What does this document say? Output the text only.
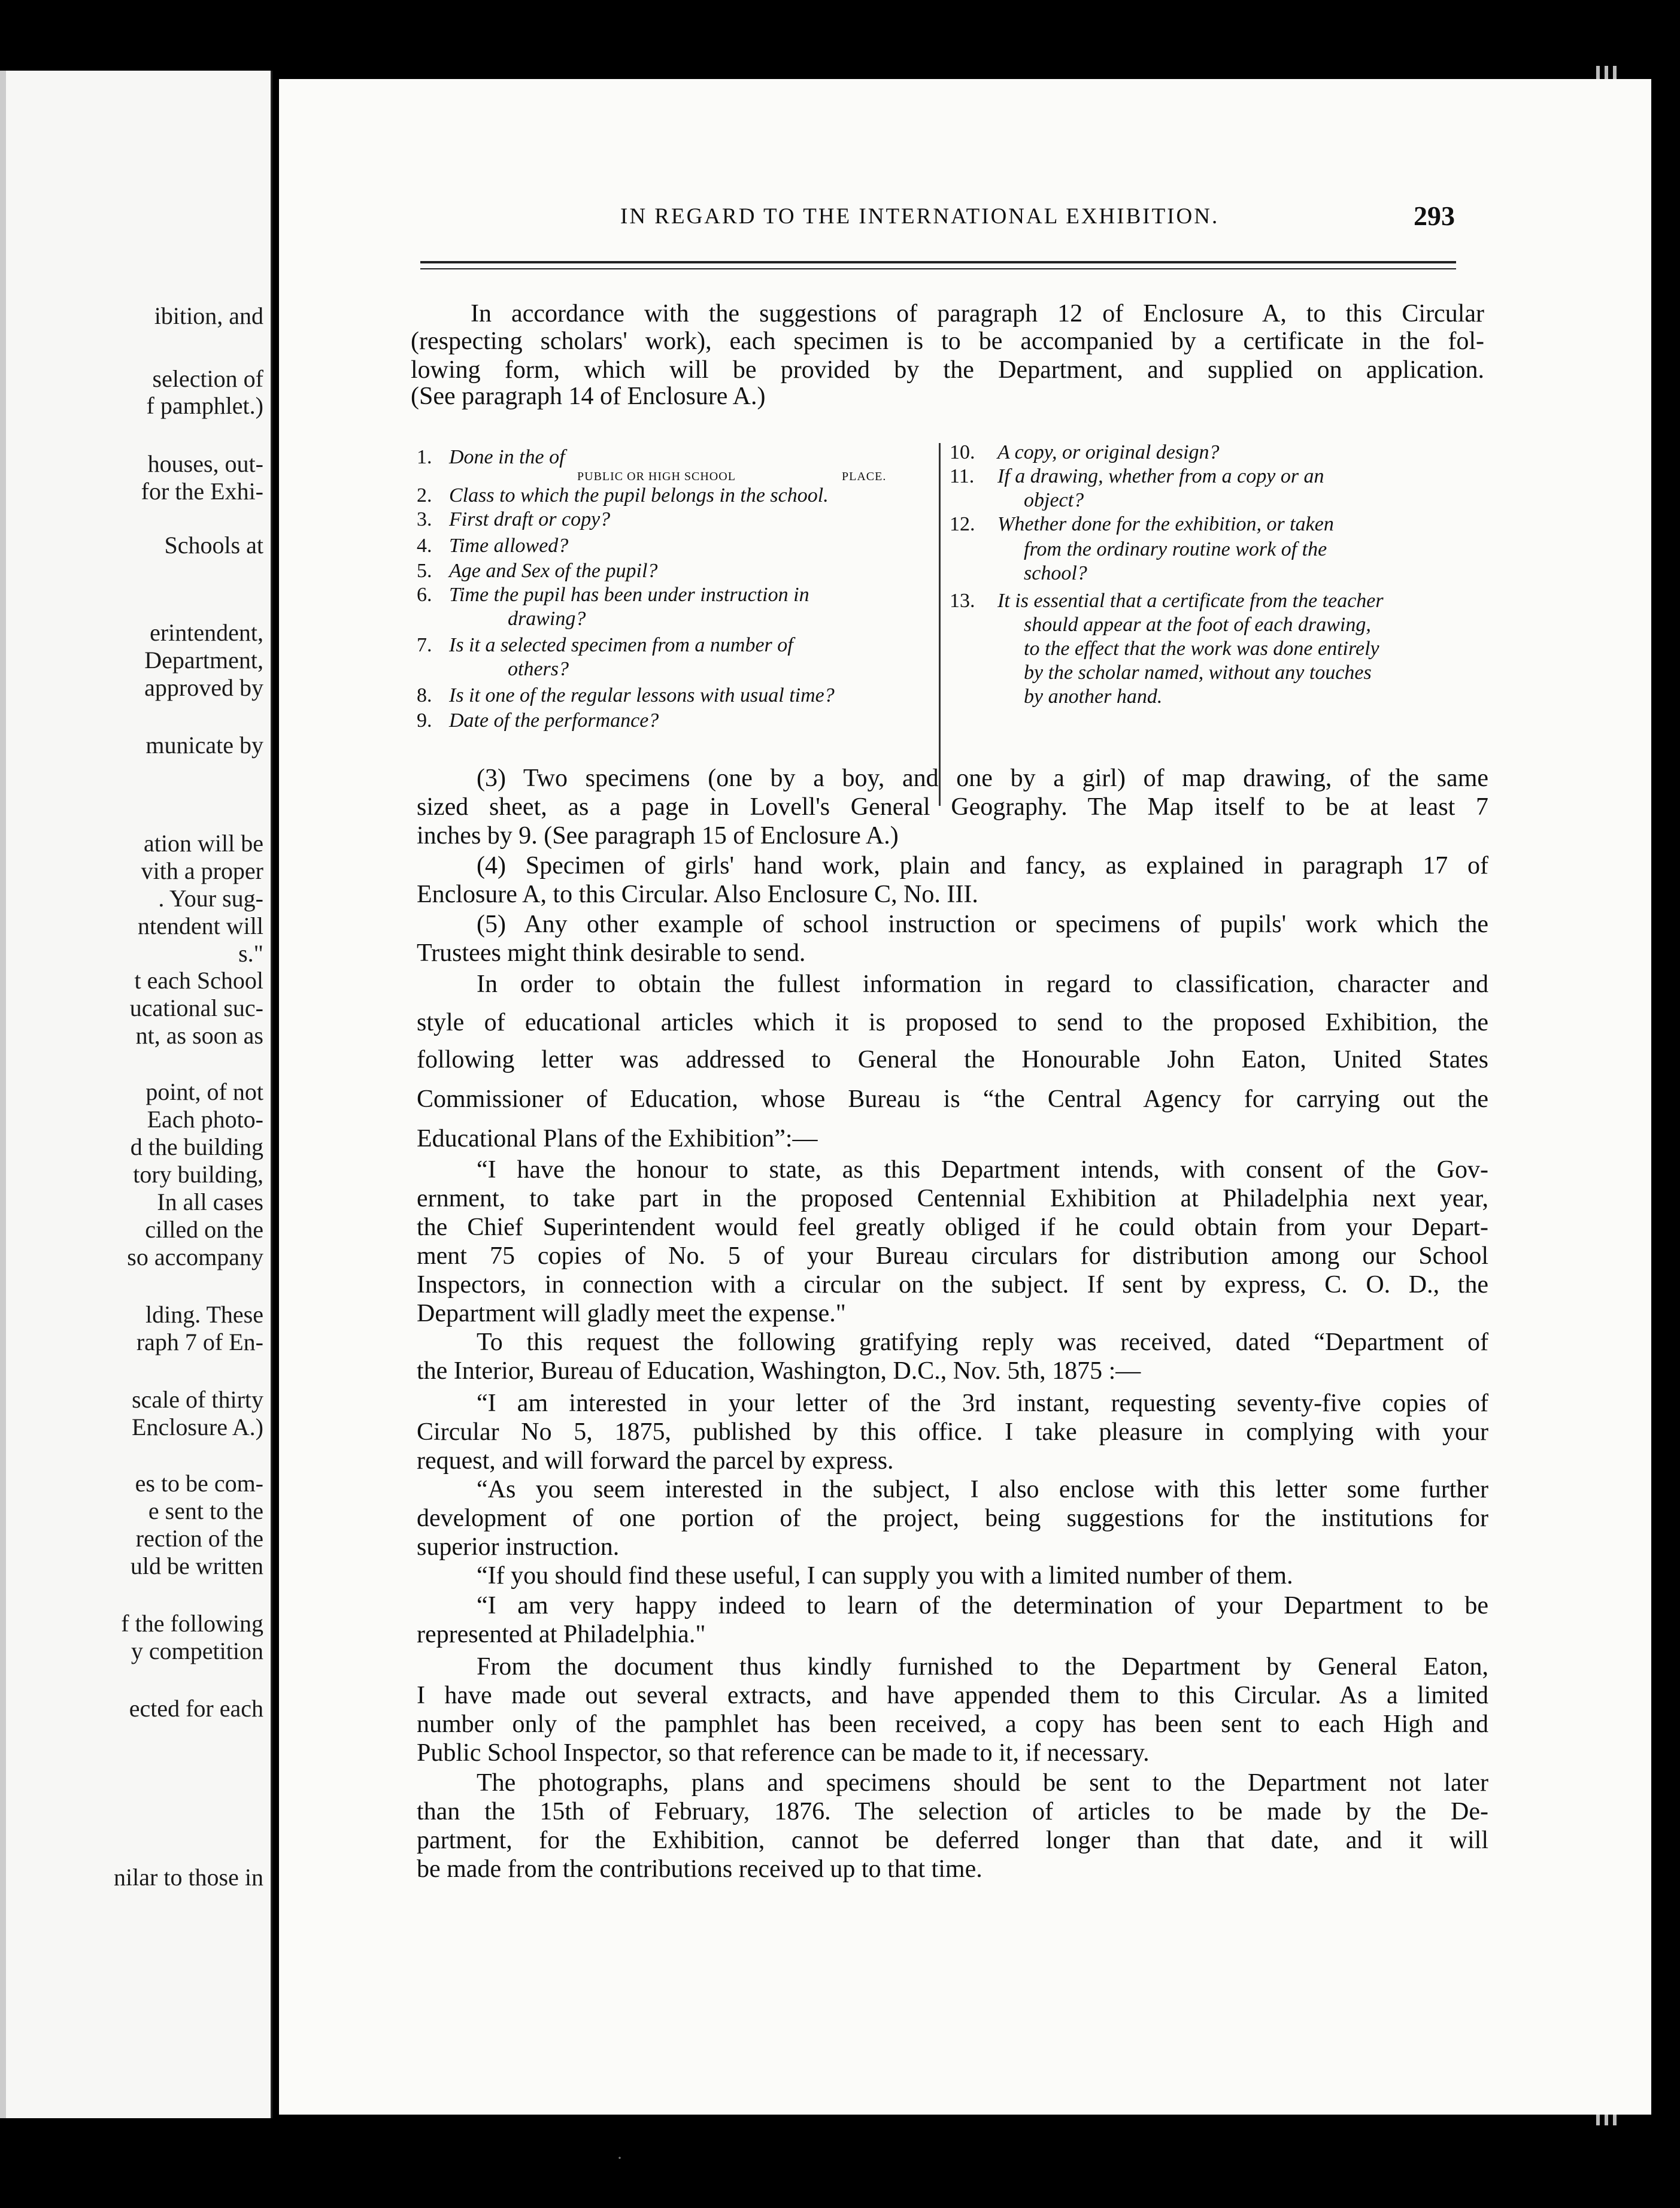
ibition, and
selection of
f pamphlet.)
houses, out-
for the Exhi-
Schools at
erintendent,
Department,
approved by
municate by
ation will be
vith a proper
. Your sug-
ntendent will
s."
t each School
ucational suc-
nt, as soon as
point, of not
Each photo-
d the building
tory building,
In all cases
cilled on the
so accompany
lding. These
raph 7 of En-
scale of thirty
Enclosure A.)
es to be com-
e sent to the
rection of the
uld be written
f the following
y competition
ected for each
nilar to those in
IN REGARD TO THE INTERNATIONAL EXHIBITION.	293
In accordance with the suggestions of paragraph 12 of Enclosure A, to this Circular
(respecting scholars' work), each specimen is to be accompanied by a certificate in the fol-
lowing form, which will be provided by the Department, and supplied on application.
(See paragraph 14 of Enclosure A.)
PUBLIC OR HIGH SCHOOL	PLACE.
1. Done in the of
2. Class to which the pupil belongs in the school.
3. First draft or copy?
4. Time allowed?
5. Age and Sex of the pupil?
6. Time the pupil has been under instruction in
drawing?
7. Is it a selected specimen from a number of
others?
8. Is it one of the regular lessons with usual time?
9. Date of the performance?
10. A copy, or original design?
11. If a drawing, whether from a copy or an
object?
12. Whether done for the exhibition, or taken
from the ordinary routine work of the
school?
13. It is essential that a certificate from the teacher
should appear at the foot of each drawing,
to the effect that the work was done entirely
by the scholar named, without any touches
by another hand.
(3) Two specimens (one by a boy, and one by a girl) of map drawing, of the same
sized sheet, as a page in Lovell's General Geography. The Map itself to be at least 7
inches by 9. (See paragraph 15 of Enclosure A.)
(4) Specimen of girls' hand work, plain and fancy, as explained in paragraph 17 of
Enclosure A, to this Circular. Also Enclosure C, No. III.
(5) Any other example of school instruction or specimens of pupils' work which the
Trustees might think desirable to send.
In order to obtain the fullest information in regard to classification, character and
style of educational articles which it is proposed to send to the proposed Exhibition, the
following letter was addressed to General the Honourable John Eaton, United States
Commissioner of Education, whose Bureau is “the Central Agency for carrying out the
Educational Plans of the Exhibition”:—
“I have the honour to state, as this Department intends, with consent of the Gov-
ernment, to take part in the proposed Centennial Exhibition at Philadelphia next year,
the Chief Superintendent would feel greatly obliged if he could obtain from your Depart-
ment 75 copies of No. 5 of your Bureau circulars for distribution among our School
Inspectors, in connection with a circular on the subject. If sent by express, C. O. D., the
Department will gladly meet the expense."
To this request the following gratifying reply was received, dated “Department of
the Interior, Bureau of Education, Washington, D.C., Nov. 5th, 1875 :—
“I am interested in your letter of the 3rd instant, requesting seventy-five copies of
Circular No 5, 1875, published by this office. I take pleasure in complying with your
request, and will forward the parcel by express.
“As you seem interested in the subject, I also enclose with this letter some further
development of one portion of the project, being suggestions for the institutions for
superior instruction.
“If you should find these useful, I can supply you with a limited number of them.
“I am very happy indeed to learn of the determination of your Department to be
represented at Philadelphia."
From the document thus kindly furnished to the Department by General Eaton,
I have made out several extracts, and have appended them to this Circular. As a limited
number only of the pamphlet has been received, a copy has been sent to each High and
Public School Inspector, so that reference can be made to it, if necessary.
The photographs, plans and specimens should be sent to the Department not later
than the 15th of February, 1876. The selection of articles to be made by the De-
partment, for the Exhibition, cannot be deferred longer than that date, and it will
be made from the contributions received up to that time.
·
